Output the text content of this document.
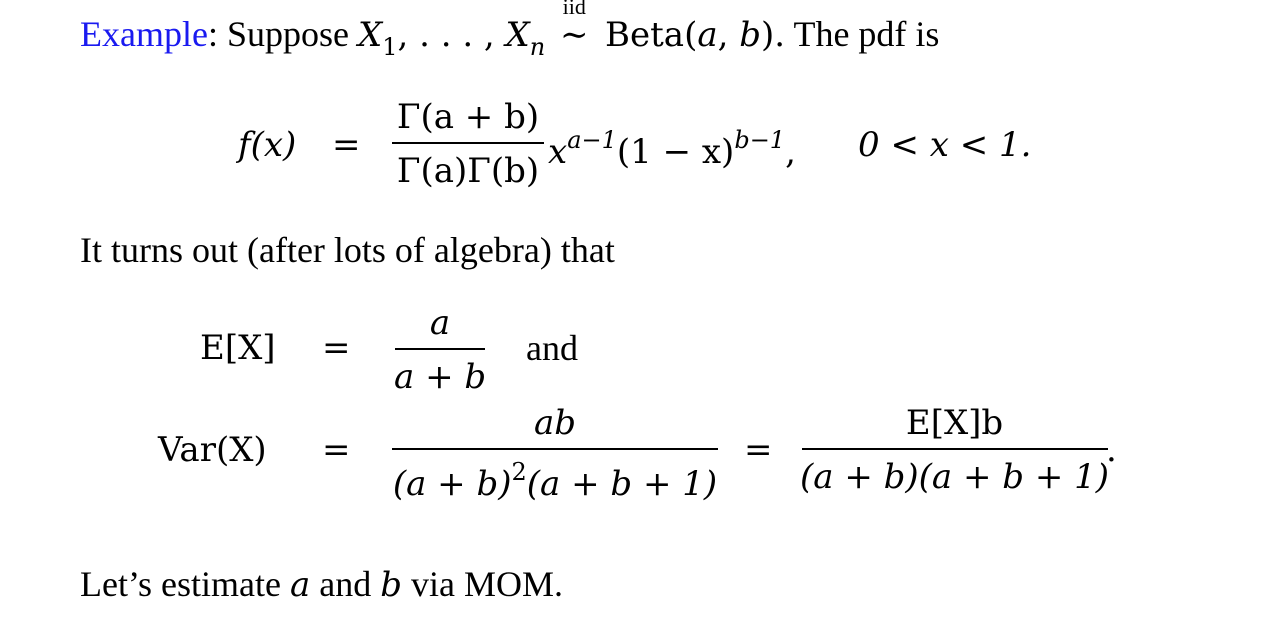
Example: Suppose $X_1$, . . . , $X_n$
iid
∼ Beta(a, b). The pdf is
f(x) =
Γ(a + b)
Γ(a)Γ(b) $x^{a-1}(1 - x)^{b-1}$, 0 < x < 1.
It turns out (after lots of algebra) that
E[X] =
a
a + b
and
Var(X) =
ab
$(a + b)^2(a + b + 1)$
=
E[X]b
(a + b)(a + b + 1)
.
Let’s estimate a and b via MOM.
